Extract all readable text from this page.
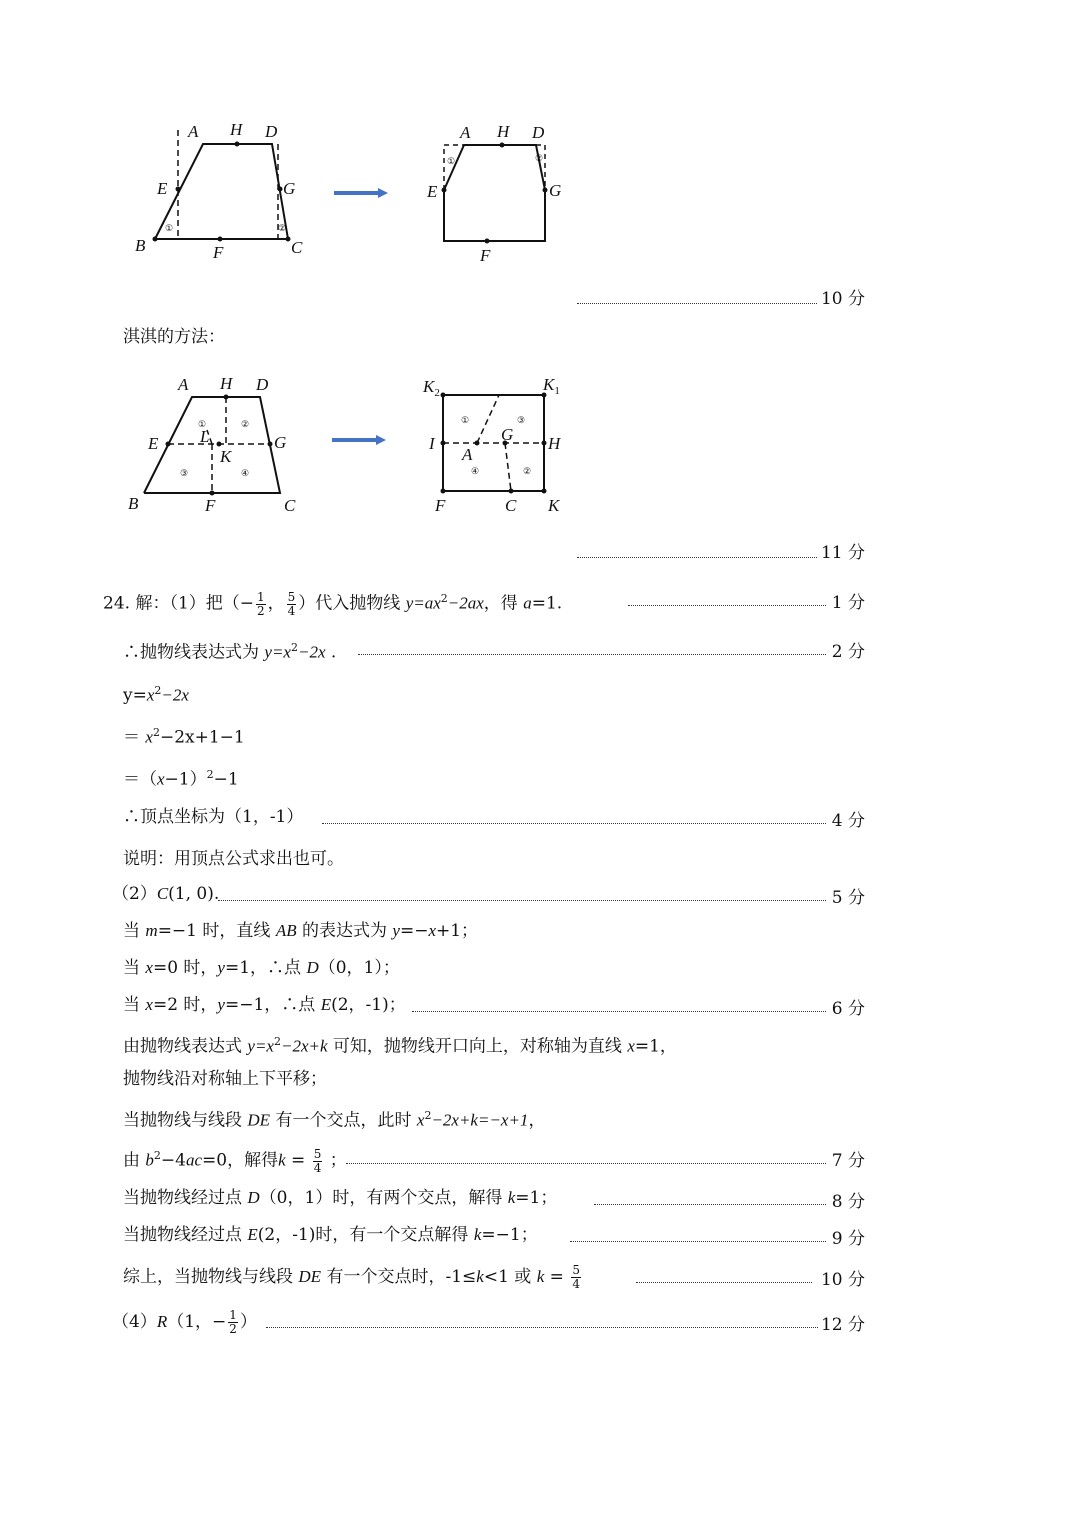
A H D
E	G
B	F	C
①	②
A H D
E	G
F
①	②
10 分
淇淇的方法：
A H D
E	G
B	F	C
L
K
①	②
③	④
$K_2$	$K_1$
I	H
G
A
F	C K
①	③
④	②
11 分
24. 解：（1）把（− $\frac{1}{2}$ ， $\frac{5}{4}$ ）代入抛物线 $y=ax^2-2ax$，得 a=1.	1 分
∴抛物线表达式为 $y=x^2-2x$ .	2 分
$y=x^2-2x$
＝ $x^2-2x+1-1$
$=(x-1)^2-1$
∴顶点坐标为（1，-1）	4 分
说明：用顶点公式求出也可。
（2）C(1, 0).	5 分
当 m=−1 时，直线 AB 的表达式为 y=−x+1；
当 x=0 时，y=1，∴点 D（0，1）；
当 x=2 时，y=−1，∴点 E(2，-1)；	6 分
由抛物线表达式 $y=x^2-2x+k$ 可知，抛物线开口向上，对称轴为直线 x=1，
抛物线沿对称轴上下平移；
当抛物线与线段 DE 有一个交点，此时 $x^2-2x+k=-x+1$，
由 $b^2-4ac=0$，解得$k = \frac{5}{4}$ ；	7 分
当抛物线经过点 D（0，1）时，有两个交点，解得 k=1；	8 分
当抛物线经过点 E(2，-1)时，有一个交点解得 k=−1；	9 分
综上，当抛物线与线段 DE 有一个交点时，-1≤k<1 或 $k = \frac{5}{4}$	10 分
（4）R（1，− $\frac{1}{2}$ ）	12 分
